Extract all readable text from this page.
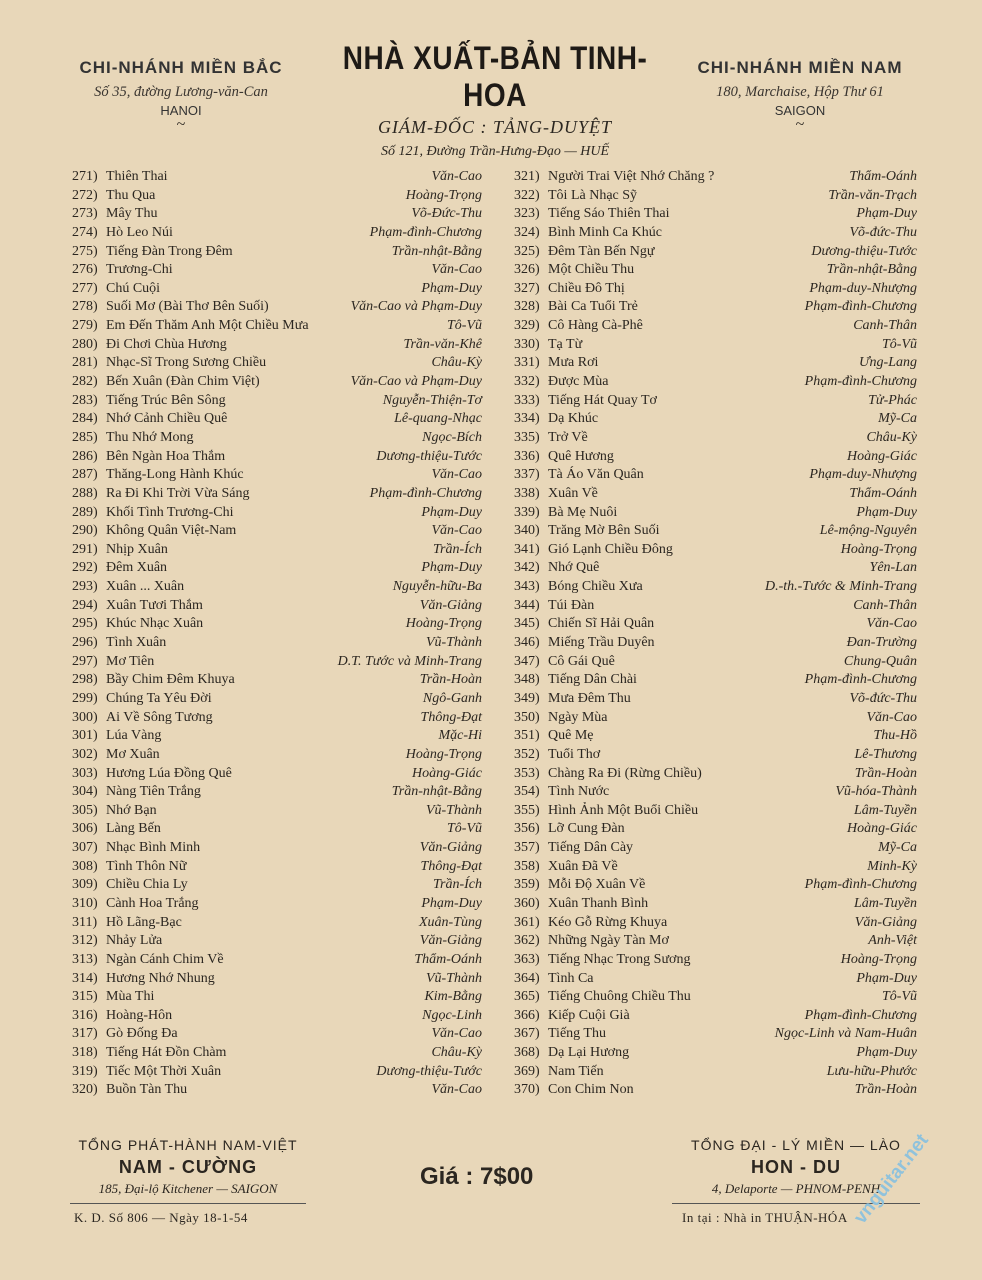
CHI-NHÁNH MIỀN BẮC
Số 35, đường Lương-văn-Can
HANOI
~
NHÀ XUẤT-BẢN TINH-HOA
GIÁM-ĐỐC : TẢNG-DUYỆT
Số 121, Đường Trần-Hưng-Đạo — HUẾ
CHI-NHÁNH MIỀN NAM
180, Marchaise, Hộp Thư 61
SAIGON
~
271) Thiên Thai	Văn-Cao
272) Thu Qua	Hoàng-Trọng
273) Mây Thu	Võ-Đức-Thu
274) Hò Leo Núi	Phạm-đình-Chương
275) Tiếng Đàn Trong Đêm	Trần-nhật-Bằng
276) Trương-Chi	Văn-Cao
277) Chú Cuội	Phạm-Duy
278) Suối Mơ (Bài Thơ Bên Suối)	Văn-Cao và Phạm-Duy
279) Em Đến Thăm Anh Một Chiều Mưa	Tô-Vũ
280) Đi Chơi Chùa Hương	Trần-văn-Khê
281) Nhạc-Sĩ Trong Sương Chiều	Châu-Kỳ
282) Bến Xuân (Đàn Chim Việt)	Văn-Cao và Phạm-Duy
283) Tiếng Trúc Bên Sông	Nguyễn-Thiện-Tơ
284) Nhớ Cảnh Chiều Quê	Lê-quang-Nhạc
285) Thu Nhớ Mong	Ngọc-Bích
286) Bên Ngàn Hoa Thắm	Dương-thiệu-Tước
287) Thăng-Long Hành Khúc	Văn-Cao
288) Ra Đi Khi Trời Vừa Sáng	Phạm-đình-Chương
289) Khối Tình Trương-Chi	Phạm-Duy
290) Không Quân Việt-Nam	Văn-Cao
291) Nhịp Xuân	Trần-Ích
292) Đêm Xuân	Phạm-Duy
293) Xuân ... Xuân	Nguyễn-hữu-Ba
294) Xuân Tươi Thắm	Văn-Giảng
295) Khúc Nhạc Xuân	Hoàng-Trọng
296) Tình Xuân	Vũ-Thành
297) Mơ Tiên	D.T. Tước và Minh-Trang
298) Bầy Chim Đêm Khuya	Trần-Hoàn
299) Chúng Ta Yêu Đời	Ngô-Ganh
300) Ai Về Sông Tương	Thông-Đạt
301) Lúa Vàng	Mặc-Hi
302) Mơ Xuân	Hoàng-Trọng
303) Hương Lúa Đồng Quê	Hoàng-Giác
304) Nàng Tiên Trắng	Trần-nhật-Bằng
305) Nhớ Bạn	Vũ-Thành
306) Làng Bến	Tô-Vũ
307) Nhạc Bình Minh	Văn-Giảng
308) Tình Thôn Nữ	Thông-Đạt
309) Chiều Chia Ly	Trần-Ích
310) Cành Hoa Trắng	Phạm-Duy
311) Hồ Lãng-Bạc	Xuân-Tùng
312) Nhảy Lửa	Văn-Giảng
313) Ngàn Cánh Chim Về	Thẩm-Oánh
314) Hương Nhớ Nhung	Vũ-Thành
315) Mùa Thi	Kim-Bằng
316) Hoàng-Hôn	Ngọc-Linh
317) Gò Đống Đa	Văn-Cao
318) Tiếng Hát Đồn Chàm	Châu-Kỳ
319) Tiếc Một Thời Xuân	Dương-thiệu-Tước
320) Buồn Tàn Thu	Văn-Cao
321) Người Trai Việt Nhớ Chăng ?	Thẩm-Oánh
322) Tôi Là Nhạc Sỹ	Trần-văn-Trạch
323) Tiếng Sáo Thiên Thai	Phạm-Duy
324) Bình Minh Ca Khúc	Võ-đức-Thu
325) Đêm Tàn Bến Ngự	Dương-thiệu-Tước
326) Một Chiều Thu	Trần-nhật-Bằng
327) Chiều Đô Thị	Phạm-duy-Nhượng
328) Bài Ca Tuổi Trẻ	Phạm-đình-Chương
329) Cô Hàng Cà-Phê	Canh-Thân
330) Tạ Từ	Tô-Vũ
331) Mưa Rơi	Ưng-Lang
332) Được Mùa	Phạm-đình-Chương
333) Tiếng Hát Quay Tơ	Tử-Phác
334) Dạ Khúc	Mỹ-Ca
335) Trở Về	Châu-Kỳ
336) Quê Hương	Hoàng-Giác
337) Tà Áo Văn Quân	Phạm-duy-Nhượng
338) Xuân Về	Thẩm-Oánh
339) Bà Mẹ Nuôi	Phạm-Duy
340) Trăng Mờ Bên Suối	Lê-mộng-Nguyên
341) Gió Lạnh Chiều Đông	Hoàng-Trọng
342) Nhớ Quê	Yên-Lan
343) Bóng Chiều Xưa	D.-th.-Tước & Minh-Trang
344) Túi Đàn	Canh-Thân
345) Chiến Sĩ Hải Quân	Văn-Cao
346) Miếng Trầu Duyên	Đan-Trường
347) Cô Gái Quê	Chung-Quân
348) Tiếng Dân Chài	Phạm-đình-Chương
349) Mưa Đêm Thu	Võ-đức-Thu
350) Ngày Mùa	Văn-Cao
351) Quê Mẹ	Thu-Hồ
352) Tuổi Thơ	Lê-Thương
353) Chàng Ra Đi (Rừng Chiều)	Trần-Hoàn
354) Tình Nước	Vũ-hóa-Thành
355) Hình Ảnh Một Buổi Chiều	Lâm-Tuyền
356) Lỡ Cung Đàn	Hoàng-Giác
357) Tiếng Dân Cày	Mỹ-Ca
358) Xuân Đã Về	Minh-Kỳ
359) Mỗi Độ Xuân Về	Phạm-đình-Chương
360) Xuân Thanh Bình	Lâm-Tuyền
361) Kéo Gỗ Rừng Khuya	Văn-Giảng
362) Những Ngày Tàn Mơ	Anh-Việt
363) Tiếng Nhạc Trong Sương	Hoàng-Trọng
364) Tình Ca	Phạm-Duy
365) Tiếng Chuông Chiều Thu	Tô-Vũ
366) Kiếp Cuội Già	Phạm-đình-Chương
367) Tiếng Thu	Ngọc-Linh và Nam-Huân
368) Dạ Lại Hương	Phạm-Duy
369) Nam Tiến	Lưu-hữu-Phước
370) Con Chim Non	Trần-Hoàn
TỔNG PHÁT-HÀNH NAM-VIỆT
NAM - CƯỜNG
185, Đại-lộ Kitchener — SAIGON	Giá : 7$00
TỔNG ĐẠI - LÝ MIỀN — LÀO
HON - DU
4, Delaporte — PHNOM-PENH
K. D. Số 806 — Ngày 18-1-54	In tại : Nhà in THUẬN-HÓA vnguitar.net
